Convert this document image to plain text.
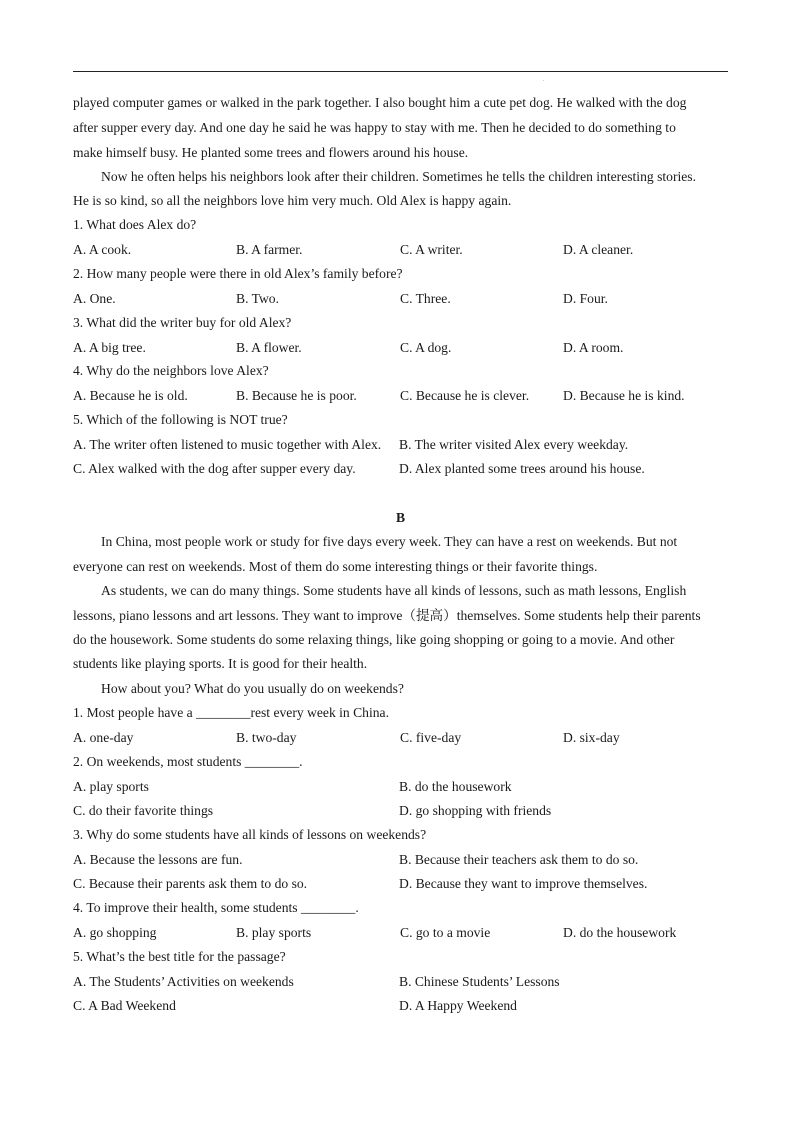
.
played computer games or walked in the park together. I also bought him a cute pet dog. He walked with the dog
after supper every day. And one day he said he was happy to stay with me. Then he decided to do something to
make himself busy. He planted some trees and flowers around his house.
Now he often helps his neighbors look after their children. Sometimes he tells the children interesting stories.
He is so kind, so all the neighbors love him very much. Old Alex is happy again.
1. What does Alex do?
A. A cook.	B. A farmer.	C. A writer.	D. A cleaner.
2. How many people were there in old Alex’s family before?
A. One.	B. Two.	C. Three.	D. Four.
3. What did the writer buy for old Alex?
A. A big tree.	B. A flower.	C. A dog.	D. A room.
4. Why do the neighbors love Alex?
A. Because he is old.	B. Because he is poor.	C. Because he is clever. D. Because he is kind.
5. Which of the following is NOT true?
A. The writer often listened to music together with Alex. B. The writer visited Alex every weekday.
C. Alex walked with the dog after supper every day.	D. Alex planted some trees around his house.
B
In China, most people work or study for five days every week. They can have a rest on weekends. But not
everyone can rest on weekends. Most of them do some interesting things or their favorite things.
As students, we can do many things. Some students have all kinds of lessons, such as math lessons, English
lessons, piano lessons and art lessons. They want to improve（提高）themselves. Some students help their parents
do the housework. Some students do some relaxing things, like going shopping or going to a movie. And other
students like playing sports. It is good for their health.
How about you? What do you usually do on weekends?
1. Most people have a ________rest every week in China.
A. one-day	B. two-day	C. five-day	D. six-day
2. On weekends, most students ________.
A. play sports	B. do the housework
C. do their favorite things	D. go shopping with friends
3. Why do some students have all kinds of lessons on weekends?
A. Because the lessons are fun.	B. Because their teachers ask them to do so.
C. Because their parents ask them to do so.	D. Because they want to improve themselves.
4. To improve their health, some students ________.
A. go shopping	B. play sports	C. go to a movie	D. do the housework
5. What’s the best title for the passage?
A. The Students’ Activities on weekends	B. Chinese Students’ Lessons
C. A Bad Weekend	D. A Happy Weekend
